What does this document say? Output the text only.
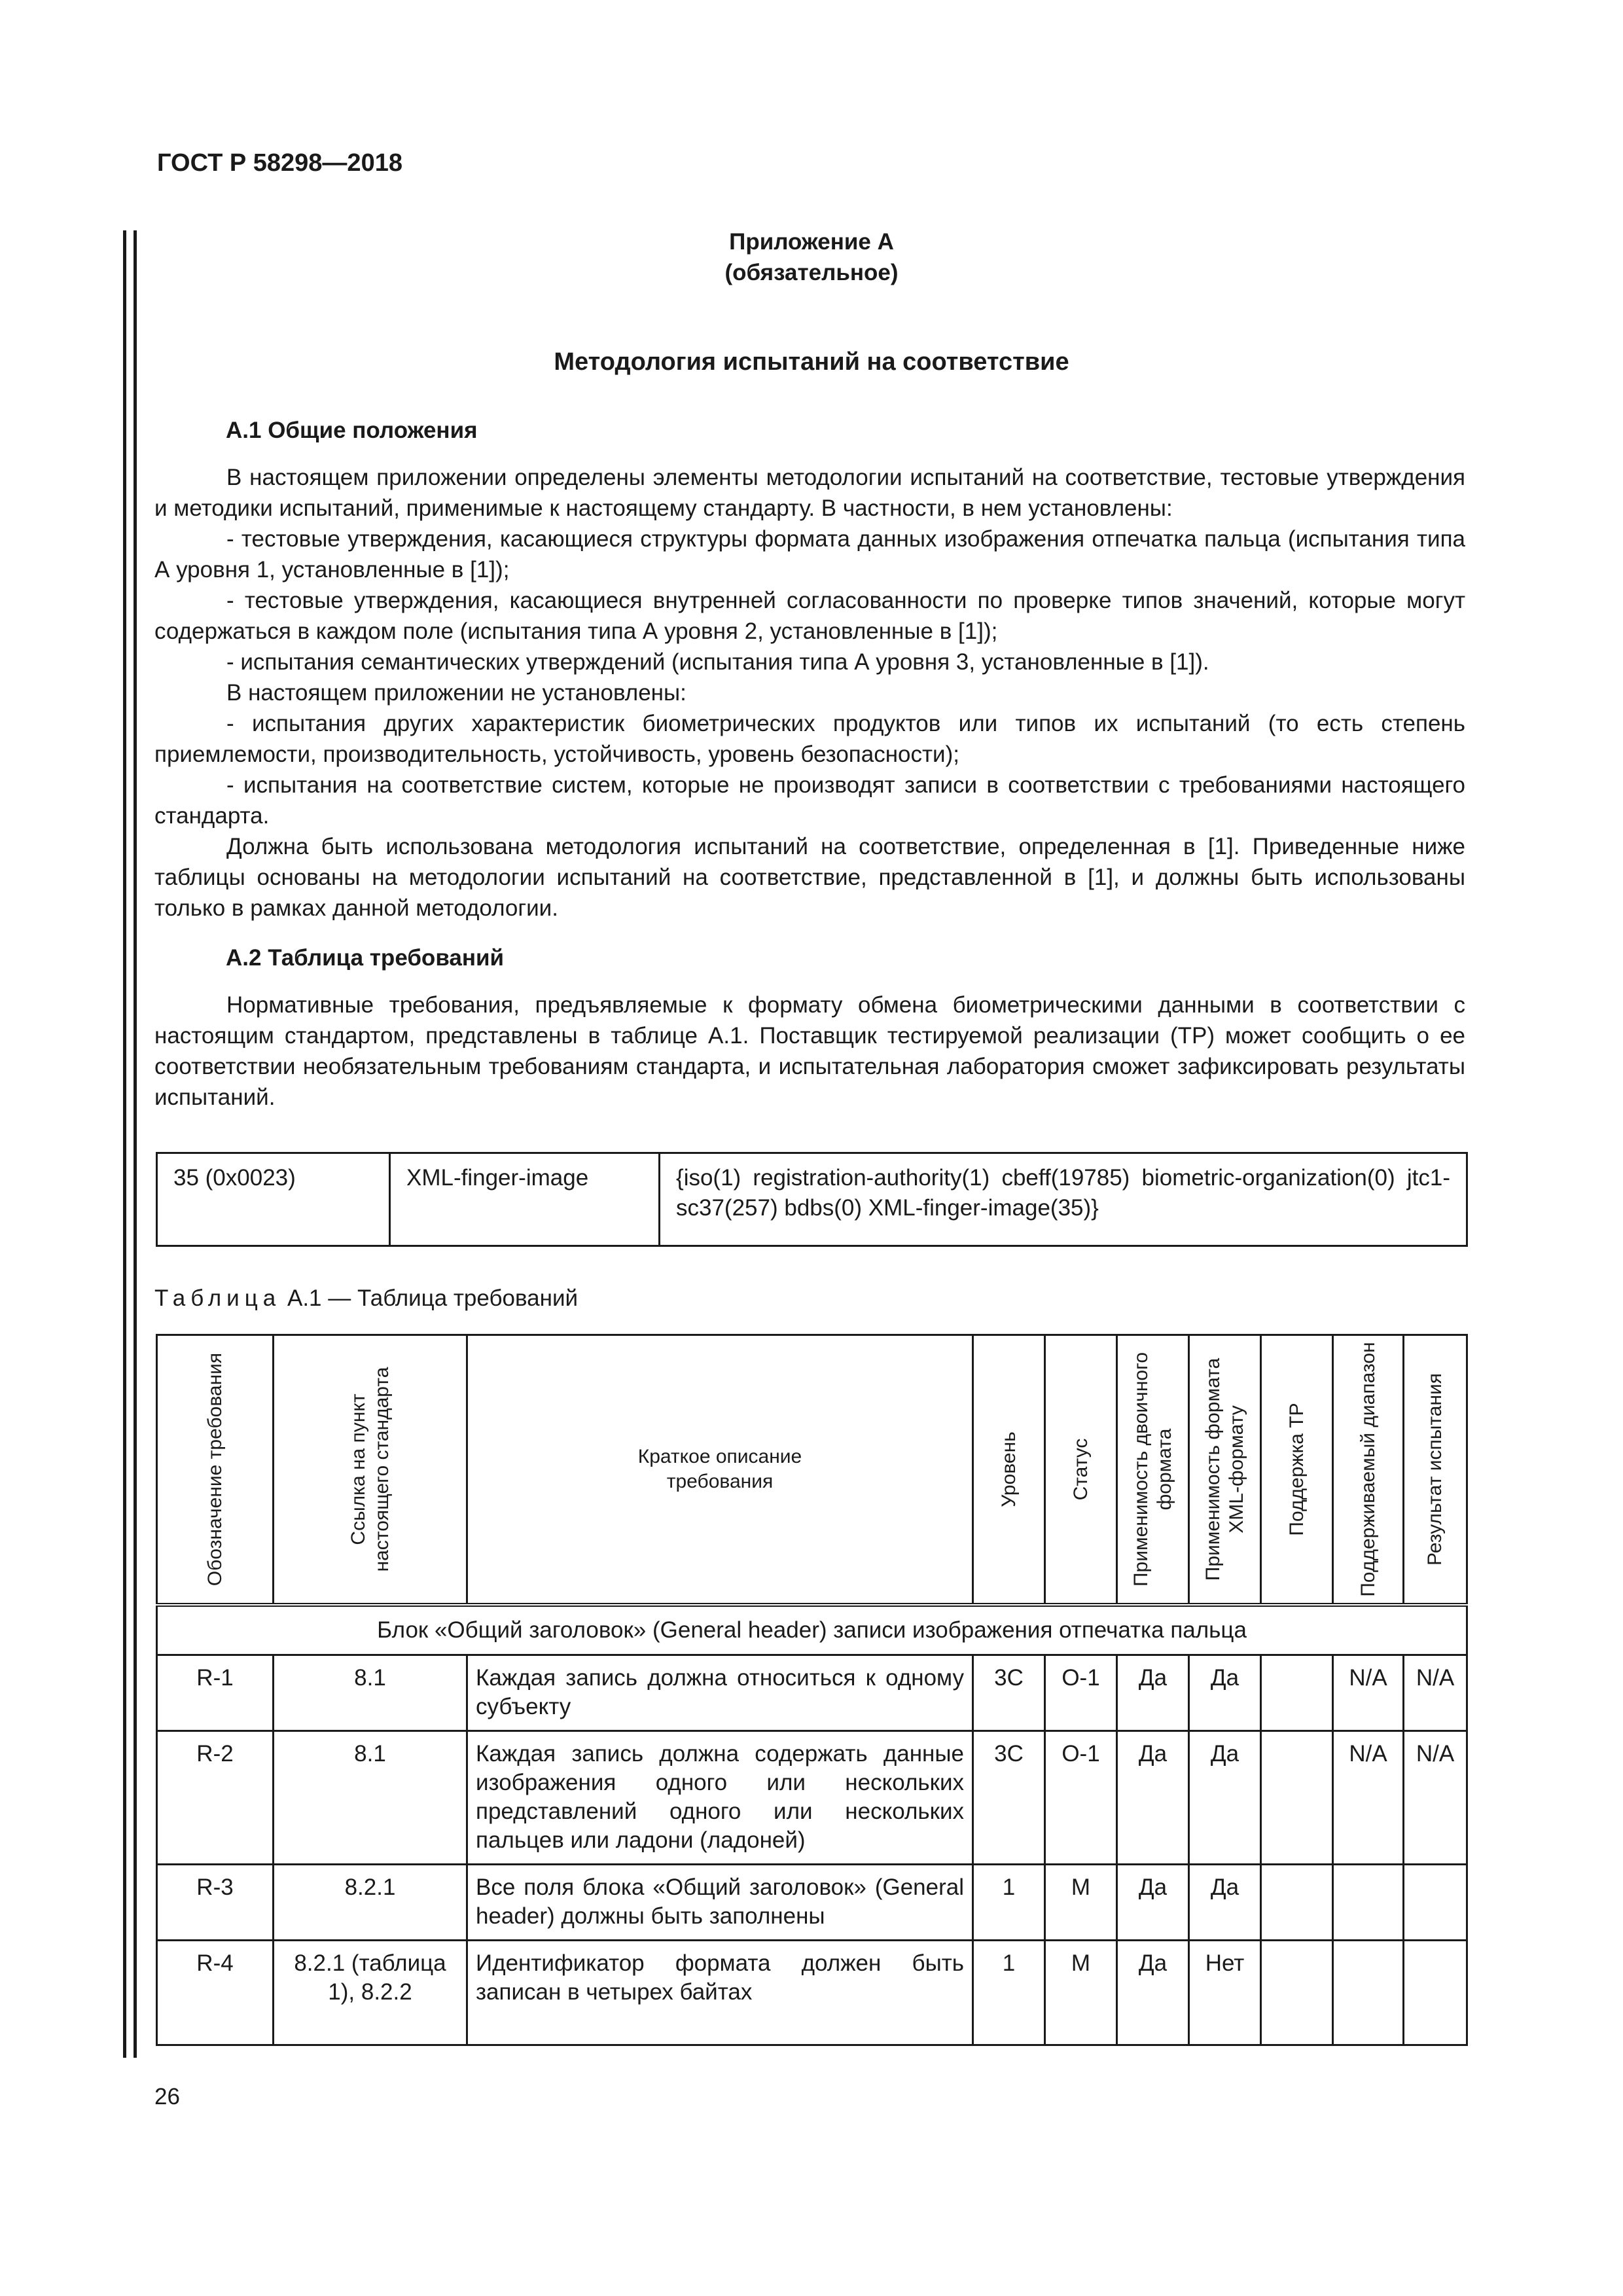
ГОСТ Р 58298—2018
Приложение А
(обязательное)
Методология испытаний на соответствие
А.1 Общие положения

В настоящем приложении определены элементы методологии испытаний на соответствие, тестовые утверждения и методики испытаний, применимые к настоящему стандарту. В частности, в нем установлены:

- тестовые утверждения, касающиеся структуры формата данных изображения отпечатка пальца (испытания типа А уровня 1, установленные в [1]);

- тестовые утверждения, касающиеся внутренней согласованности по проверке типов значений, которые могут содержаться в каждом поле (испытания типа А уровня 2, установленные в [1]);

- испытания семантических утверждений (испытания типа А уровня 3, установленные в [1]).

В настоящем приложении не установлены:

- испытания других характеристик биометрических продуктов или типов их испытаний (то есть степень приемлемости, производительность, устойчивость, уровень безопасности);

- испытания на соответствие систем, которые не производят записи в соответствии с требованиями настоящего стандарта.

Должна быть использована методология испытаний на соответствие, определенная в [1]. Приведенные ниже таблицы основаны на методологии испытаний на соответствие, представленной в [1], и должны быть использованы только в рамках данной методологии.

А.2 Таблица требований

Нормативные требования, предъявляемые к формату обмена биометрическими данными в соответствии с настоящим стандартом, представлены в таблице А.1. Поставщик тестируемой реализации (ТР) может сообщить о ее соответствии необязательным требованиям стандарта, и испытательная лаборатория сможет зафиксировать результаты испытаний.

35 (0x0023)	XML-finger-image	{iso(1) registration-authority(1) cbeff(19785) biometric-organization(0) jtc1-sc37(257) bdbs(0) XML-finger-image(35)}
Таблица А.1 — Таблица требований
Обозначение требования	Ссылка на пункт настоящего стандарта	Краткое описание требования	Уровень	Статус	Применимость двоичного формата	Применимость формата XML-формату	Поддержка ТР	Поддерживаемый диапазон	Результат испытания

Блок «Общий заголовок» (General header) записи изображения отпечатка пальца									
R-1	8.1	Каждая запись должна относиться к одному субъекту	3С	О-1	Да	Да		N/A	N/A
R-2	8.1	Каждая запись должна содержать данные изображения одного или нескольких представлений одного или нескольких пальцев или ладони (ладоней)	3С	О-1	Да	Да		N/A	N/A
R-3	8.2.1	Все поля блока «Общий заголовок» (General header) должны быть заполнены	1	М	Да	Да			
R-4	8.2.1 (таблица 1), 8.2.2	Идентификатор формата должен быть записан в четырех байтах	1	М	Да	Нет			
26
